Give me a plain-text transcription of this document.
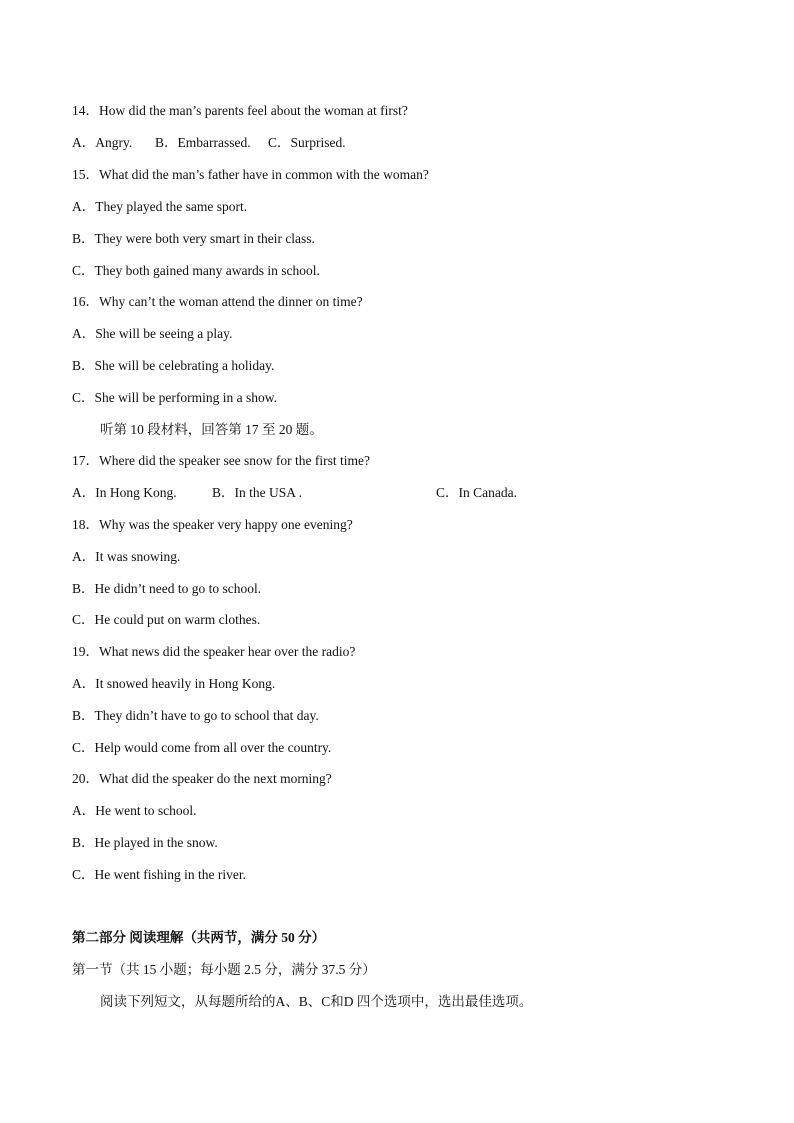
14．How did the man’s parents feel about the woman at first?
A．Angry. B．Embarrassed. C．Surprised.
15．What did the man’s father have in common with the woman?
A．They played the same sport.
B．They were both very smart in their class.
C．They both gained many awards in school.
16．Why can’t the woman attend the dinner on time?
A．She will be seeing a play.
B．She will be celebrating a holiday.
C．She will be performing in a show.
听第 10 段材料，回答第 17 至 20 题。
17．Where did the speaker see snow for the first time?
A．In Hong Kong.	B．In the USA .	C．In Canada.
18．Why was the speaker very happy one evening?
A．It was snowing.
B．He didn’t need to go to school.
C．He could put on warm clothes.
19．What news did the speaker hear over the radio?
A．It snowed heavily in Hong Kong.
B．They didn’t have to go to school that day.
C．Help would come from all over the country.
20．What did the speaker do the next morning?
A．He went to school.
B．He played in the snow.
C．He went fishing in the river.
第二部分 阅读理解（共两节，满分 50 分）
第一节（共 15 小题；每小题 2.5 分，满分 37.5 分）
阅读下列短文，从每题所给的A、B、C和D 四个选项中，选出最佳选项。
